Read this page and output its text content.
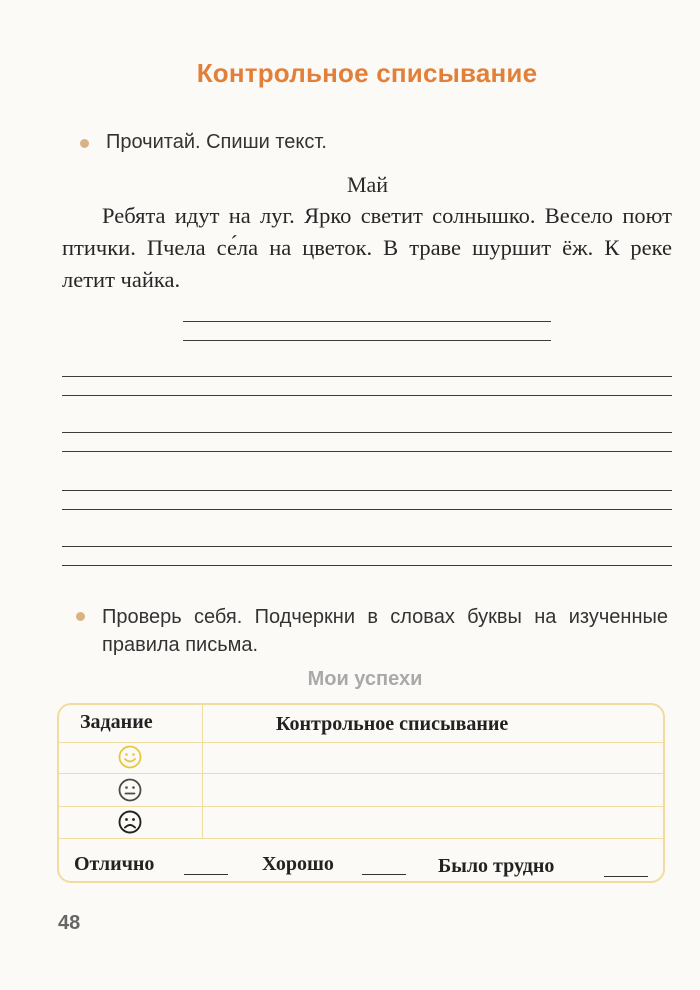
Контрольное списывание
Прочитай. Спиши текст.
Май
Ребята идут на луг. Ярко светит солнышко. Весело поют птички. Пчела се́ла на цветок. В траве шуршит ёж. К реке летит чайка.
Проверь себя. Подчеркни в словах буквы на изученные правила письма.
Мои успехи
Задание	Контрольное списывание
Отлично	Хорошо	Было трудно
48
